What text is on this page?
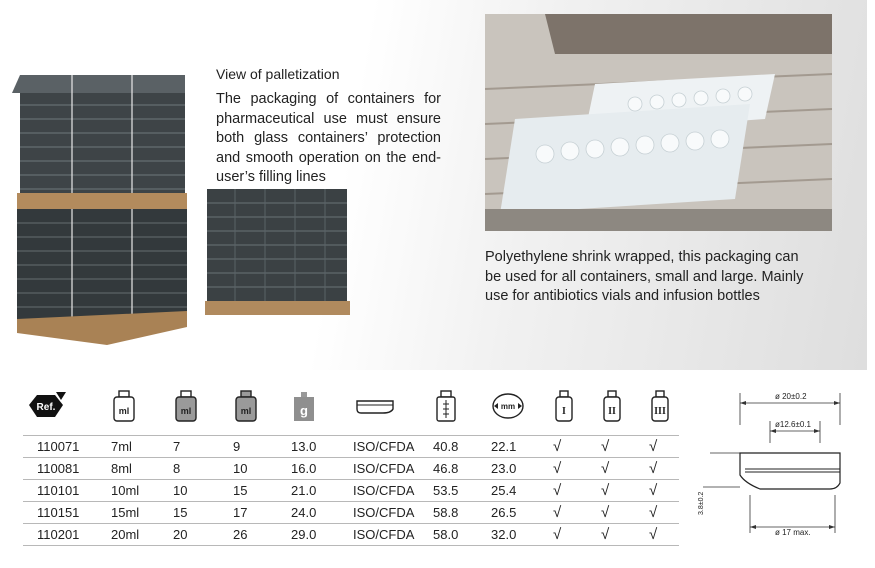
View of palletization
The packaging of containers for pharmaceutical use must ensure both glass containers’ protection and smooth operation on the end-user’s filling lines
Polyethylene shrink wrapped, this packaging can be used for all containers, small and large. Mainly use for antibiotics vials and infusion bottles
Ref.	ml	ml	ml	g			mm	I	II	III

110071	7ml	7	9	13.0	ISO/CFDA	40.8	22.1	√	√	√
110081	8ml	8	10	16.0	ISO/CFDA	46.8	23.0	√	√	√
110101	10ml	10	15	21.0	ISO/CFDA	53.5	25.4	√	√	√
110151	15ml	15	17	24.0	ISO/CFDA	58.8	26.5	√	√	√
110201	20ml	20	26	29.0	ISO/CFDA	58.0	32.0	√	√	√
ø 20±0.2
ø12.6±0.1
3.8±0.2
ø 17 max.
